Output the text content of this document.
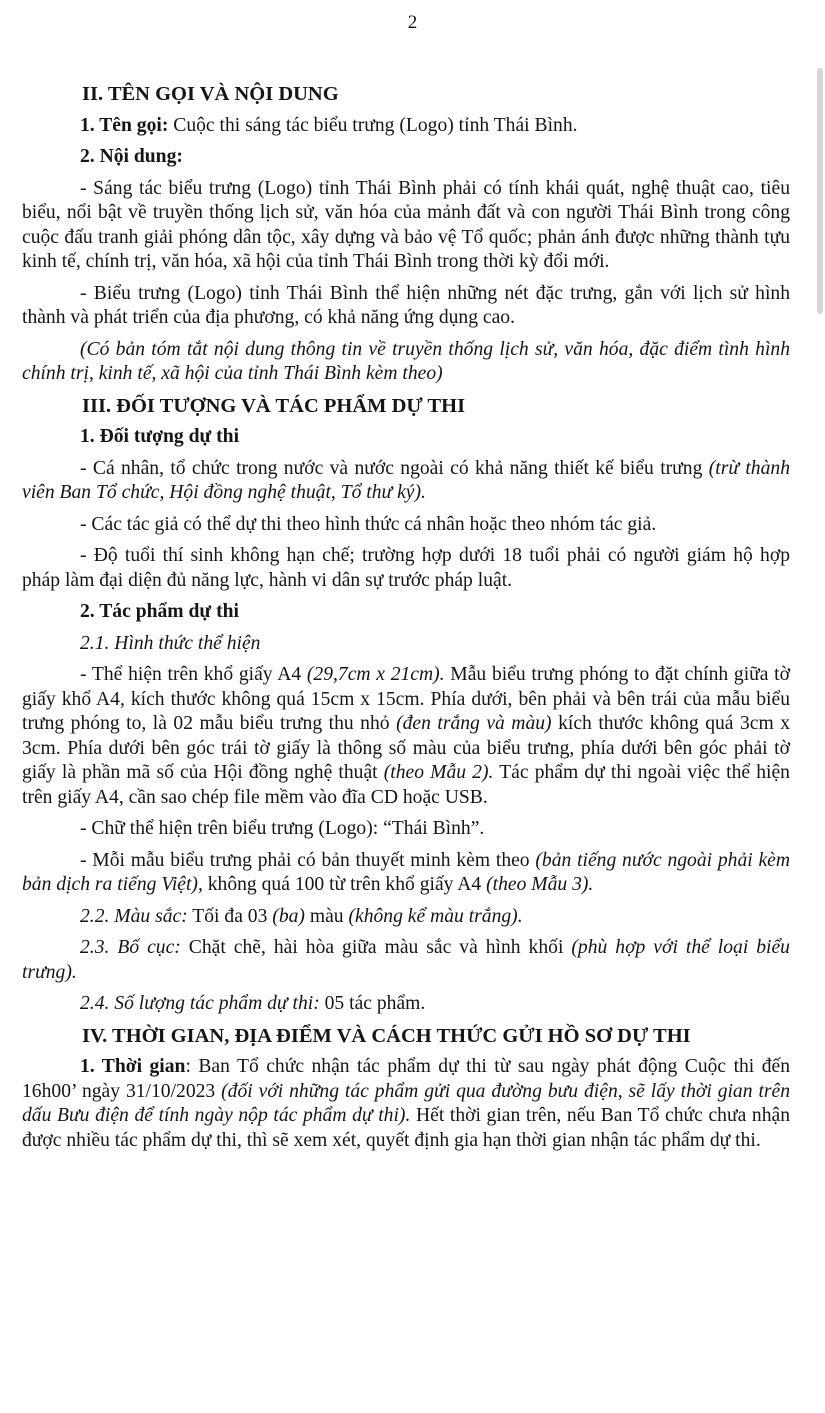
2

II. TÊN GỌI VÀ NỘI DUNG

1. Tên gọi: Cuộc thi sáng tác biểu trưng (Logo) tỉnh Thái Bình.

2. Nội dung:

- Sáng tác biểu trưng (Logo) tỉnh Thái Bình phải có tính khái quát, nghệ thuật cao, tiêu biểu, nổi bật về truyền thống lịch sử, văn hóa của mảnh đất và con người Thái Bình trong công cuộc đấu tranh giải phóng dân tộc, xây dựng và bảo vệ Tổ quốc; phản ánh được những thành tựu kinh tế, chính trị, văn hóa, xã hội của tỉnh Thái Bình trong thời kỳ đổi mới.

- Biểu trưng (Logo) tỉnh Thái Bình thể hiện những nét đặc trưng, gắn với lịch sử hình thành và phát triển của địa phương, có khả năng ứng dụng cao.

(Có bản tóm tắt nội dung thông tin về truyền thống lịch sử, văn hóa, đặc điểm tình hình chính trị, kinh tế, xã hội của tỉnh Thái Bình kèm theo)

III. ĐỐI TƯỢNG VÀ TÁC PHẨM DỰ THI

1. Đối tượng dự thi

- Cá nhân, tổ chức trong nước và nước ngoài có khả năng thiết kế biểu trưng (trừ thành viên Ban Tổ chức, Hội đồng nghệ thuật, Tổ thư ký).

- Các tác giả có thể dự thi theo hình thức cá nhân hoặc theo nhóm tác giả.

- Độ tuổi thí sinh không hạn chế; trường hợp dưới 18 tuổi phải có người giám hộ hợp pháp làm đại diện đủ năng lực, hành vi dân sự trước pháp luật.

2. Tác phẩm dự thi

2.1. Hình thức thể hiện

- Thể hiện trên khổ giấy A4 (29,7cm x 21cm). Mẫu biểu trưng phóng to đặt chính giữa tờ giấy khổ A4, kích thước không quá 15cm x 15cm. Phía dưới, bên phải và bên trái của mẫu biểu trưng phóng to, là 02 mẫu biểu trưng thu nhỏ (đen trắng và màu) kích thước không quá 3cm x 3cm. Phía dưới bên góc trái tờ giấy là thông số màu của biểu trưng, phía dưới bên góc phải tờ giấy là phần mã số của Hội đồng nghệ thuật (theo Mẫu 2). Tác phẩm dự thi ngoài việc thể hiện trên giấy A4, cần sao chép file mềm vào đĩa CD hoặc USB.

- Chữ thể hiện trên biểu trưng (Logo): “Thái Bình”.

- Mỗi mẫu biểu trưng phải có bản thuyết minh kèm theo (bản tiếng nước ngoài phải kèm bản dịch ra tiếng Việt), không quá 100 từ trên khổ giấy A4 (theo Mẫu 3).

2.2. Màu sắc: Tối đa 03 (ba) màu (không kể màu trắng).

2.3. Bố cục: Chặt chẽ, hài hòa giữa màu sắc và hình khối (phù hợp với thể loại biểu trưng).

2.4. Số lượng tác phẩm dự thi: 05 tác phẩm.

IV. THỜI GIAN, ĐỊA ĐIỂM VÀ CÁCH THỨC GỬI HỒ SƠ DỰ THI

1. Thời gian: Ban Tổ chức nhận tác phẩm dự thi từ sau ngày phát động Cuộc thi đến 16h00’ ngày 31/10/2023 (đối với những tác phẩm gửi qua đường bưu điện, sẽ lấy thời gian trên dấu Bưu điện để tính ngày nộp tác phẩm dự thi). Hết thời gian trên, nếu Ban Tổ chức chưa nhận được nhiều tác phẩm dự thi, thì sẽ xem xét, quyết định gia hạn thời gian nhận tác phẩm dự thi.
